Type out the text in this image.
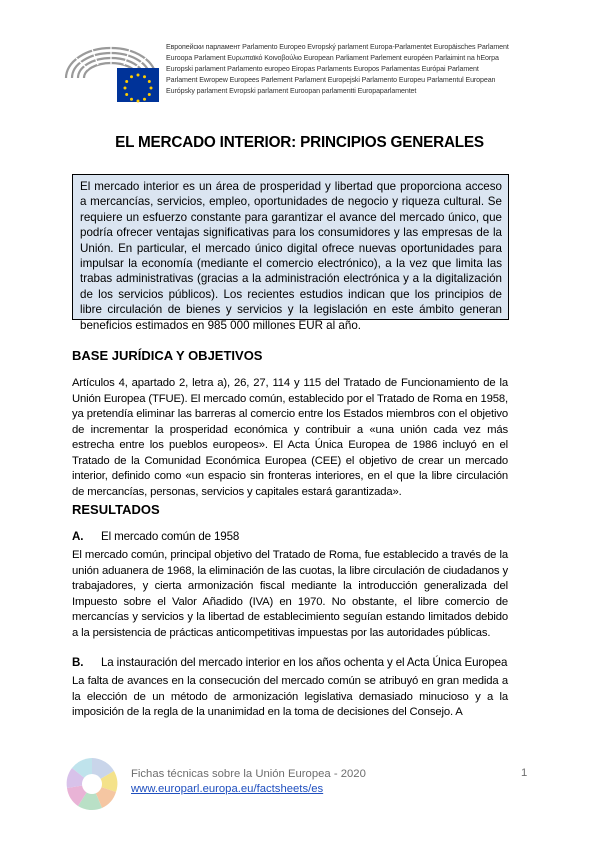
Европейски парламент Parlamento Europeo Evropský parlament Europa-Parlamentet Europäisches Parlament
Euroopa Parlament Ευρωπαϊκό Κοινοβούλιο European Parliament Parlement européen Parlaimint na hEorpa
Europski parlament Parlamento europeo Eiropas Parlaments Europos Parlamentas Európai Parlament
Parlament Ewropew Europees Parlement Parlament Europejski Parlamento Europeu Parlamentul European
Európsky parlament Evropski parlament Euroopan parlamentti Europaparlamentet
EL MERCADO INTERIOR: PRINCIPIOS GENERALES
El mercado interior es un área de prosperidad y libertad que proporciona acceso a mercancías, servicios, empleo, oportunidades de negocio y riqueza cultural. Se requiere un esfuerzo constante para garantizar el avance del mercado único, que podría ofrecer ventajas significativas para los consumidores y las empresas de la Unión. En particular, el mercado único digital ofrece nuevas oportunidades para impulsar la economía (mediante el comercio electrónico), a la vez que limita las trabas administrativas (gracias a la administración electrónica y a la digitalización de los servicios públicos). Los recientes estudios indican que los principios de libre circulación de bienes y servicios y la legislación en este ámbito generan beneficios estimados en 985 000 millones EUR al año.
BASE JURÍDICA Y OBJETIVOS

Artículos 4, apartado 2, letra a), 26, 27, 114 y 115 del Tratado de Funcionamiento de la Unión Europea (TFUE). El mercado común, establecido por el Tratado de Roma en 1958, ya pretendía eliminar las barreras al comercio entre los Estados miembros con el objetivo de incrementar la prosperidad económica y contribuir a «una unión cada vez más estrecha entre los pueblos europeos». El Acta Única Europea de 1986 incluyó en el Tratado de la Comunidad Económica Europea (CEE) el objetivo de crear un mercado interior, definido como «un espacio sin fronteras interiores, en el que la libre circulación de mercancías, personas, servicios y capitales estará garantizada».

RESULTADOS

A. El mercado común de 1958

El mercado común, principal objetivo del Tratado de Roma, fue establecido a través de la unión aduanera de 1968, la eliminación de las cuotas, la libre circulación de ciudadanos y trabajadores, y cierta armonización fiscal mediante la introducción generalizada del Impuesto sobre el Valor Añadido (IVA) en 1970. No obstante, el libre comercio de mercancías y servicios y la libertad de establecimiento seguían estando limitados debido a la persistencia de prácticas anticompetitivas impuestas por las autoridades públicas.

B. La instauración del mercado interior en los años ochenta y el Acta Única Europea

La falta de avances en la consecución del mercado común se atribuyó en gran medida a la elección de un método de armonización legislativa demasiado minucioso y a la imposición de la regla de la unanimidad en la toma de decisiones del Consejo. A

Fichas técnicas sobre la Unión Europea - 2020
www.europarl.europa.eu/factsheets/es
1
